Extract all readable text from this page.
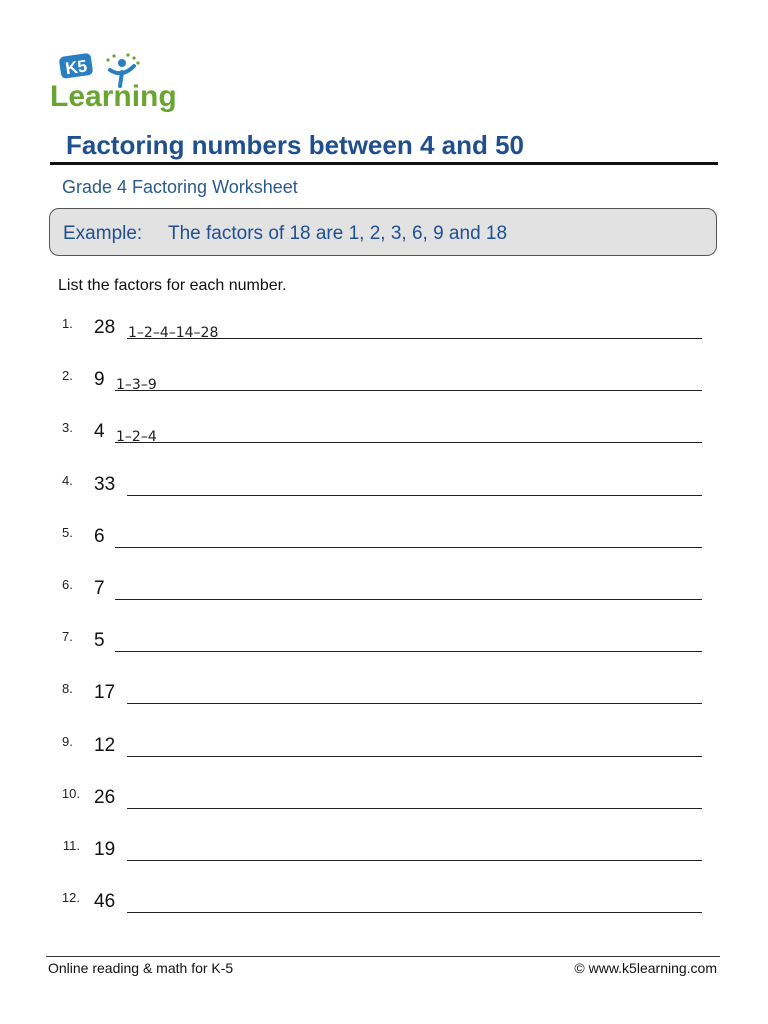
K5
Learning
Factoring numbers between 4 and 50
Grade 4 Factoring Worksheet
Example: The factors of 18 are 1, 2, 3, 6, 9 and 18
List the factors for each number.
1. 28 1–2–4–14–28
2. 9 1–3–9
3. 4 1–2–4
4. 33
5. 6
6. 7
7. 5
8. 17
9. 12
10. 26
11. 19
12. 46
Online reading & math for K-5	© www.k5learning.com
